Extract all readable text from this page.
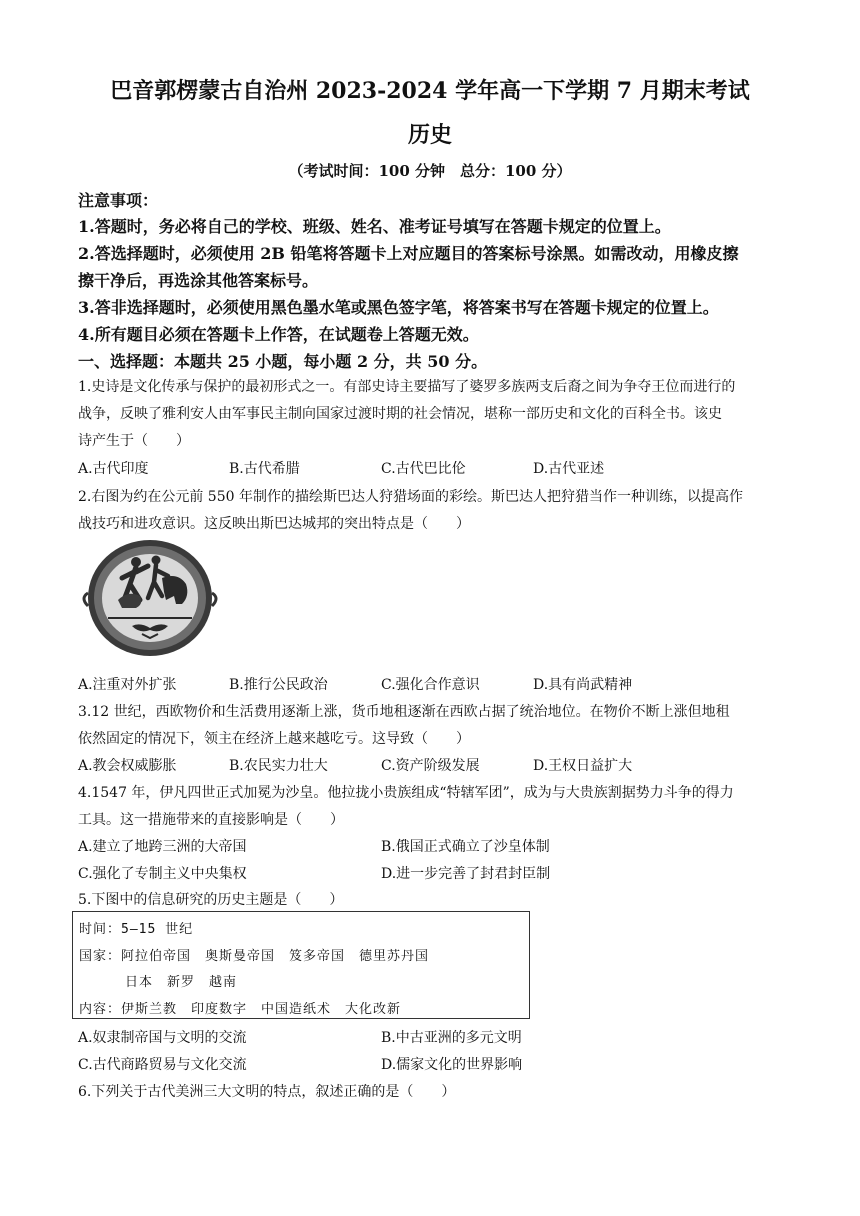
巴音郭楞蒙古自治州 2023-2024 学年高一下学期 7 月期末考试
历史
（考试时间：100 分钟　总分：100 分）
注意事项：
1.答题时，务必将自己的学校、班级、姓名、准考证号填写在答题卡规定的位置上。
2.答选择题时，必须使用 2B 铅笔将答题卡上对应题目的答案标号涂黑。如需改动，用橡皮擦
擦干净后，再选涂其他答案标号。
3.答非选择题时，必须使用黑色墨水笔或黑色签字笔，将答案书写在答题卡规定的位置上。
4.所有题目必须在答题卡上作答，在试题卷上答题无效。
一、选择题：本题共 25 小题，每小题 2 分，共 50 分。
1.史诗是文化传承与保护的最初形式之一。有部史诗主要描写了婆罗多族两支后裔之间为争夺王位而进行的
战争，反映了雅利安人由军事民主制向国家过渡时期的社会情况，堪称一部历史和文化的百科全书。该史
诗产生于（　　）
A.古代印度	B.古代希腊	C.古代巴比伦	D.古代亚述
2.右图为约在公元前 550 年制作的描绘斯巴达人狩猎场面的彩绘。斯巴达人把狩猎当作一种训练，以提高作
战技巧和进攻意识。这反映出斯巴达城邦的突出特点是（　　）
A.注重对外扩张	B.推行公民政治	C.强化合作意识	D.具有尚武精神
3.12 世纪，西欧物价和生活费用逐渐上涨，货币地租逐渐在西欧占据了统治地位。在物价不断上涨但地租
依然固定的情况下，领主在经济上越来越吃亏。这导致（　　）
A.教会权威膨胀	B.农民实力壮大	C.资产阶级发展	D.王权日益扩大
4.1547 年，伊凡四世正式加冕为沙皇。他拉拢小贵族组成“特辖军团”，成为与大贵族割据势力斗争的得力
工具。这一措施带来的直接影响是（　　）
A.建立了地跨三洲的大帝国	B.俄国正式确立了沙皇体制
C.强化了专制主义中央集权	D.进一步完善了封君封臣制
5.下图中的信息研究的历史主题是（　　）
时间：5—15 世纪
国家：阿拉伯帝国　奥斯曼帝国　笈多帝国　德里苏丹国
日本　新罗　越南
内容：伊斯兰教　印度数字　中国造纸术　大化改新
A.奴隶制帝国与文明的交流	B.中古亚洲的多元文明
C.古代商路贸易与文化交流	D.儒家文化的世界影响
6.下列关于古代美洲三大文明的特点，叙述正确的是（　　）
